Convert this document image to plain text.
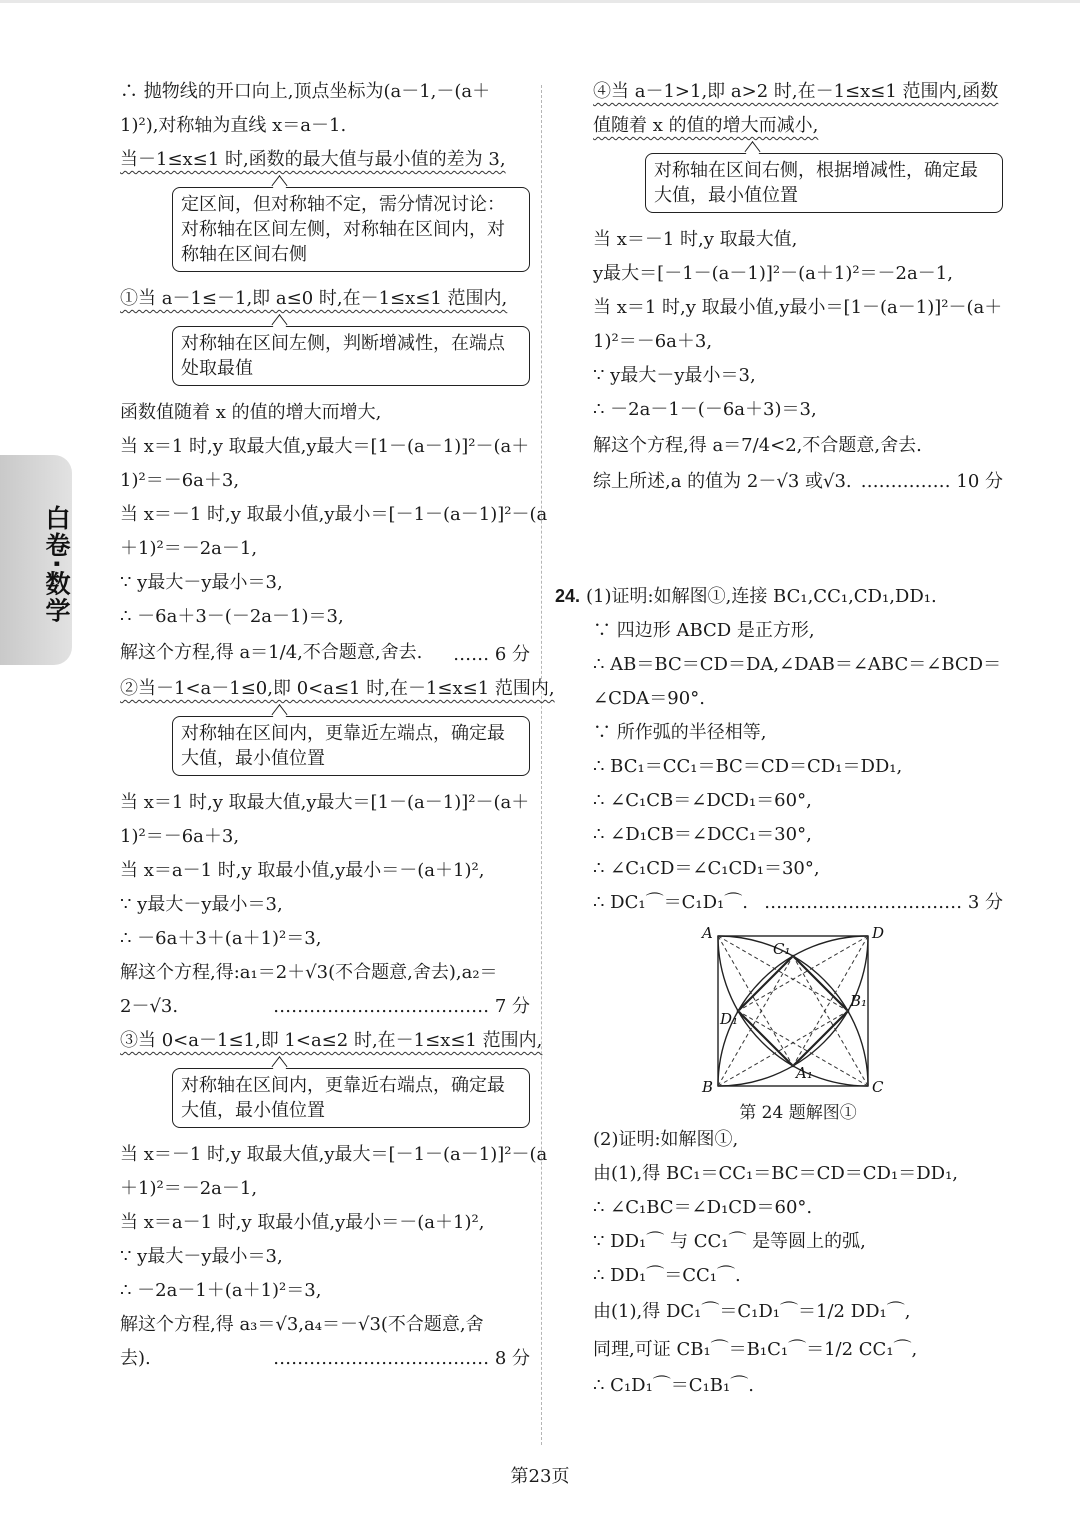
白卷·数学
∴ 抛物线的开口向上,顶点坐标为(a－1,－(a＋
1)²),对称轴为直线 x＝a－1.
当－1≤x≤1 时,函数的最大值与最小值的差为 3,
定区间，但对称轴不定，需分情况讨论：对称轴在区间左侧，对称轴在区间内，对称轴在区间右侧
①当 a－1≤－1,即 a≤0 时,在－1≤x≤1 范围内,
对称轴在区间左侧，判断增减性，在端点处取最值
函数值随着 x 的值的增大而增大,
当 x＝1 时,y 取最大值,y最大＝[1－(a－1)]²－(a＋
1)²＝－6a＋3,
当 x＝－1 时,y 取最小值,y最小＝[－1－(a－1)]²－(a
＋1)²＝－2a－1,
∵ y最大－y最小＝3,
∴ －6a＋3－(－2a－1)＝3,
解这个方程,得 a＝1/4,不合题意,舍去. …… 6 分
②当－1<a－1≤0,即 0<a≤1 时,在－1≤x≤1 范围内,
对称轴在区间内，更靠近左端点，确定最大值，最小值位置
当 x＝1 时,y 取最大值,y最大＝[1－(a－1)]²－(a＋
1)²＝－6a＋3,
当 x＝a－1 时,y 取最小值,y最小＝－(a＋1)²,
∵ y最大－y最小＝3,
∴ －6a＋3＋(a＋1)²＝3,
解这个方程,得:a₁＝2＋√3(不合题意,舍去),a₂＝
2－√3.	……………………………… 7 分
③当 0<a－1≤1,即 1<a≤2 时,在－1≤x≤1 范围内,
对称轴在区间内，更靠近右端点，确定最大值，最小值位置
当 x＝－1 时,y 取最大值,y最大＝[－1－(a－1)]²－(a
＋1)²＝－2a－1,
当 x＝a－1 时,y 取最小值,y最小＝－(a＋1)²,
∵ y最大－y最小＝3,
∴ －2a－1＋(a＋1)²＝3,
解这个方程,得 a₃＝√3,a₄＝－√3(不合题意,舍
去).	……………………………… 8 分
④当 a－1>1,即 a>2 时,在－1≤x≤1 范围内,函数
值随着 x 的值的增大而减小,
对称轴在区间右侧，根据增减性，确定最大值，最小值位置
当 x＝－1 时,y 取最大值,
y最大＝[－1－(a－1)]²－(a＋1)²＝－2a－1,
当 x＝1 时,y 取最小值,y最小＝[1－(a－1)]²－(a＋
1)²＝－6a＋3,
∵ y最大－y最小＝3,
∴ －2a－1－(－6a＋3)＝3,
解这个方程,得 a＝7/4<2,不合题意,舍去.
综上所述,a 的值为 2－√3 或√3. …………… 10 分
24. (1)证明:如解图①,连接 BC₁,CC₁,CD₁,DD₁.
∵ 四边形 ABCD 是正方形,
∴ AB＝BC＝CD＝DA,∠DAB＝∠ABC＝∠BCD＝
∠CDA＝90°.
∵ 所作弧的半径相等,
∴ BC₁＝CC₁＝BC＝CD＝CD₁＝DD₁,
∴ ∠C₁CB＝∠DCD₁＝60°,
∴ ∠D₁CB＝∠DCC₁＝30°,
∴ ∠C₁CD＝∠C₁CD₁＝30°,
∴ DC₁⌒＝C₁D₁⌒. …………………………… 3 分
A	D
B	C
C₁
B₁
D₁
A₁
第 24 题解图①
(2)证明:如解图①,
由(1),得 BC₁＝CC₁＝BC＝CD＝CD₁＝DD₁,
∴ ∠C₁BC＝∠D₁CD＝60°.
∵ DD₁⌒ 与 CC₁⌒ 是等圆上的弧,
∴ DD₁⌒＝CC₁⌒.
由(1),得 DC₁⌒＝C₁D₁⌒＝1/2 DD₁⌒,
同理,可证 CB₁⌒＝B₁C₁⌒＝1/2 CC₁⌒,
∴ C₁D₁⌒＝C₁B₁⌒.
第23页
